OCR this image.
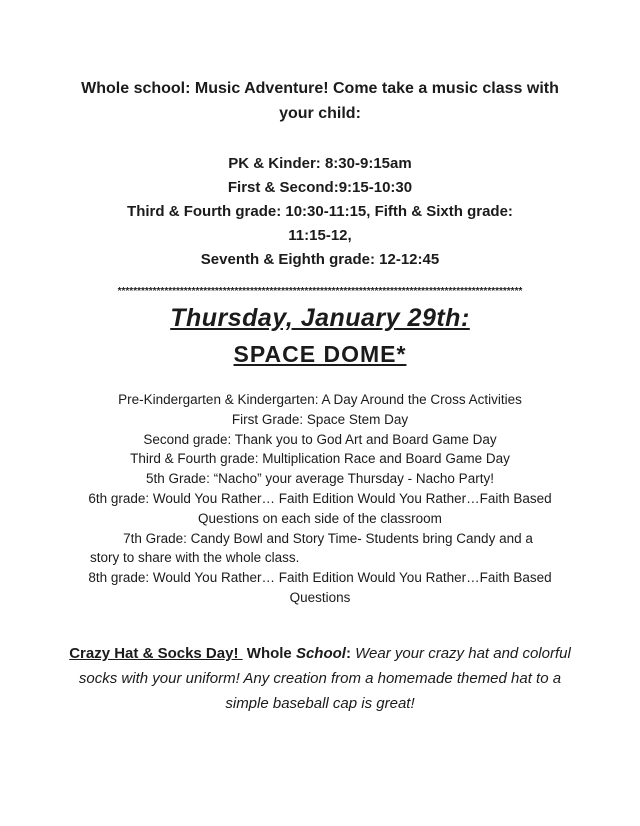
Whole school: Music Adventure! Come take a music class with
your child:
PK & Kinder: 8:30-9:15am
First & Second:9:15-10:30
Third & Fourth grade: 10:30-11:15, Fifth & Sixth grade:
11:15-12,
Seventh & Eighth grade: 12-12:45
********************************************************************************************************
Thursday, January 29th:
SPACE DOME*
Pre-Kindergarten & Kindergarten: A Day Around the Cross Activities
First Grade: Space Stem Day
Second grade: Thank you to God Art and Board Game Day
Third & Fourth grade: Multiplication Race and Board Game Day
5th Grade: “Nacho” your average Thursday - Nacho Party!
6th grade: Would You Rather… Faith Edition Would You Rather…Faith Based
Questions on each side of the classroom
7th Grade: Candy Bowl and Story Time- Students bring Candy and a
story to share with the whole class.
8th grade: Would You Rather… Faith Edition Would You Rather…Faith Based
Questions
Crazy Hat & Socks Day! Whole School: Wear your crazy hat and colorful
socks with your uniform! Any creation from a homemade themed hat to a
simple baseball cap is great!
